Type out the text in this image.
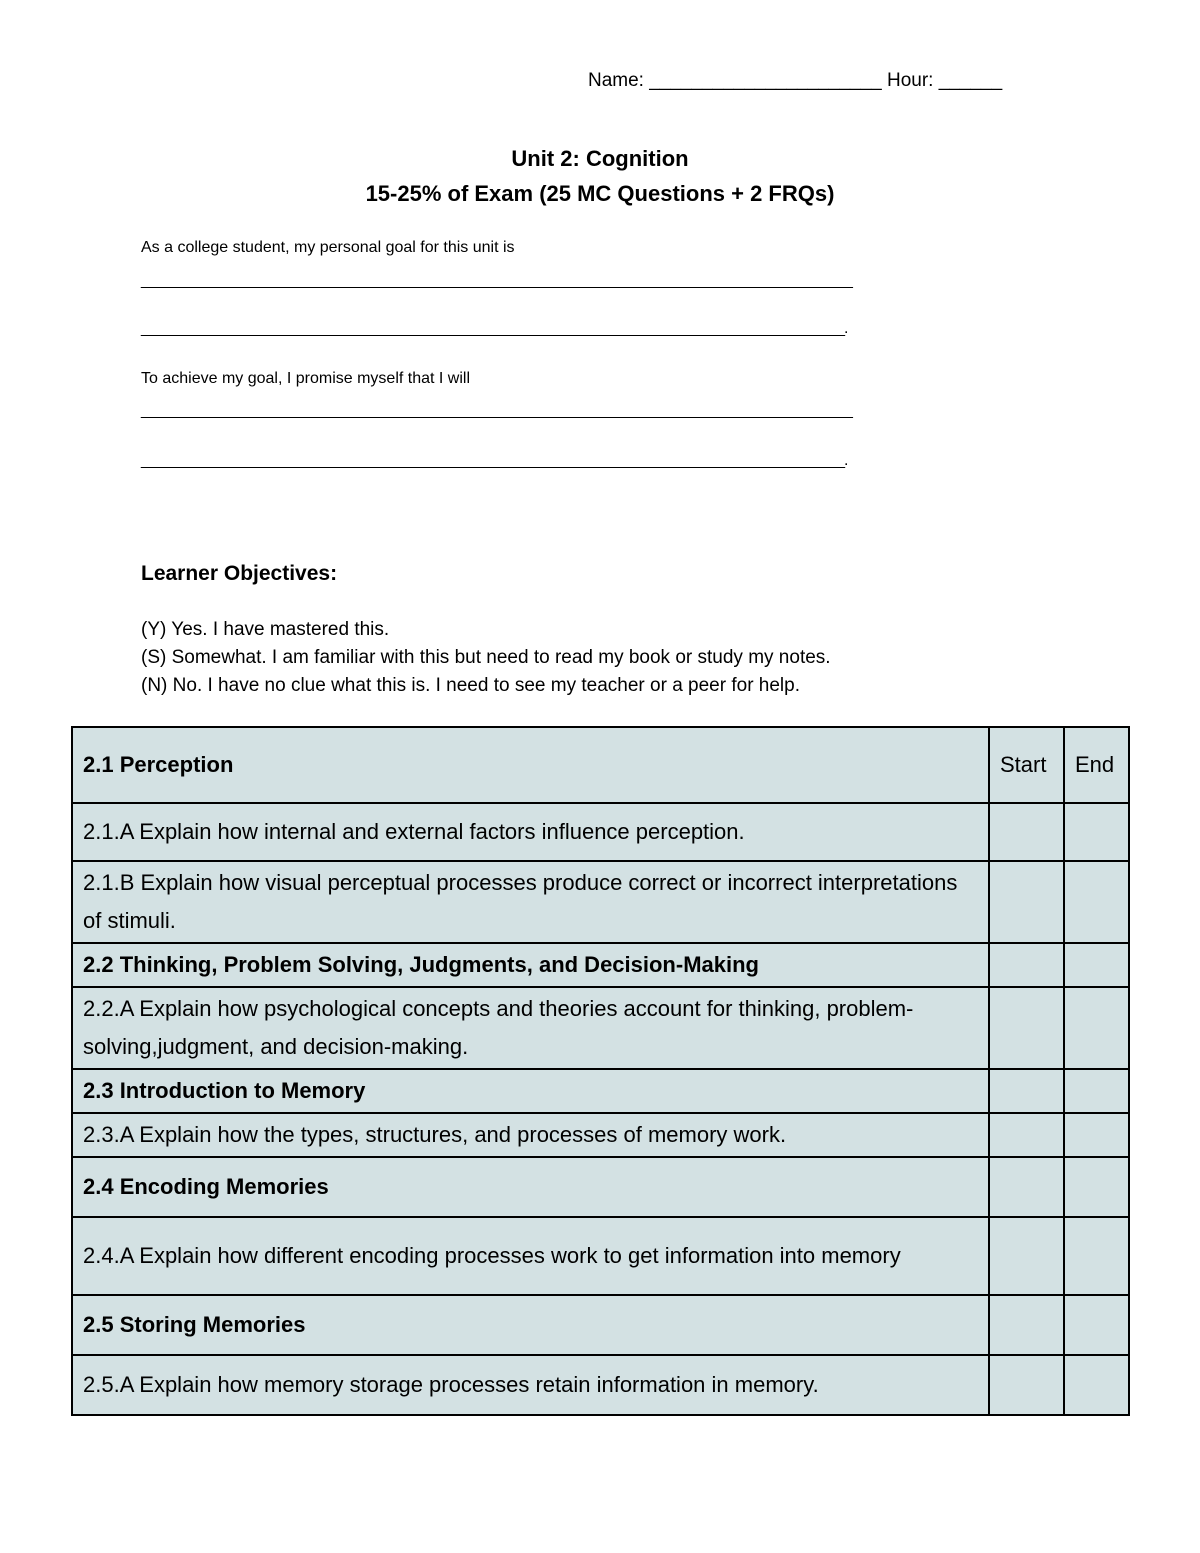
Name: ______________________ Hour: ______
Unit 2: Cognition
15-25% of Exam (25 MC Questions + 2 FRQs)
As a college student, my personal goal for this unit is
__________________________________________________________________________________________
_________________________________________________________________________________________.
To achieve my goal, I promise myself that I will
__________________________________________________________________________________________
_________________________________________________________________________________________.
Learner Objectives:
(Y) Yes. I have mastered this.
(S) Somewhat. I am familiar with this but need to read my book or study my notes.
(N) No. I have no clue what this is. I need to see my teacher or a peer for help.
2.1 Perception	Start	End
2.1.A Explain how internal and external factors influence perception.		
2.1.B Explain how visual perceptual processes produce correct or incorrect interpretations of stimuli.		
2.2 Thinking, Problem Solving, Judgments, and Decision-Making		
2.2.A Explain how psychological concepts and theories account for thinking, problem-solving,judgment, and decision-making.		
2.3 Introduction to Memory		
2.3.A Explain how the types, structures, and processes of memory work.		
2.4 Encoding Memories		
2.4.A Explain how different encoding processes work to get information into memory		
2.5 Storing Memories		
2.5.A Explain how memory storage processes retain information in memory.		
